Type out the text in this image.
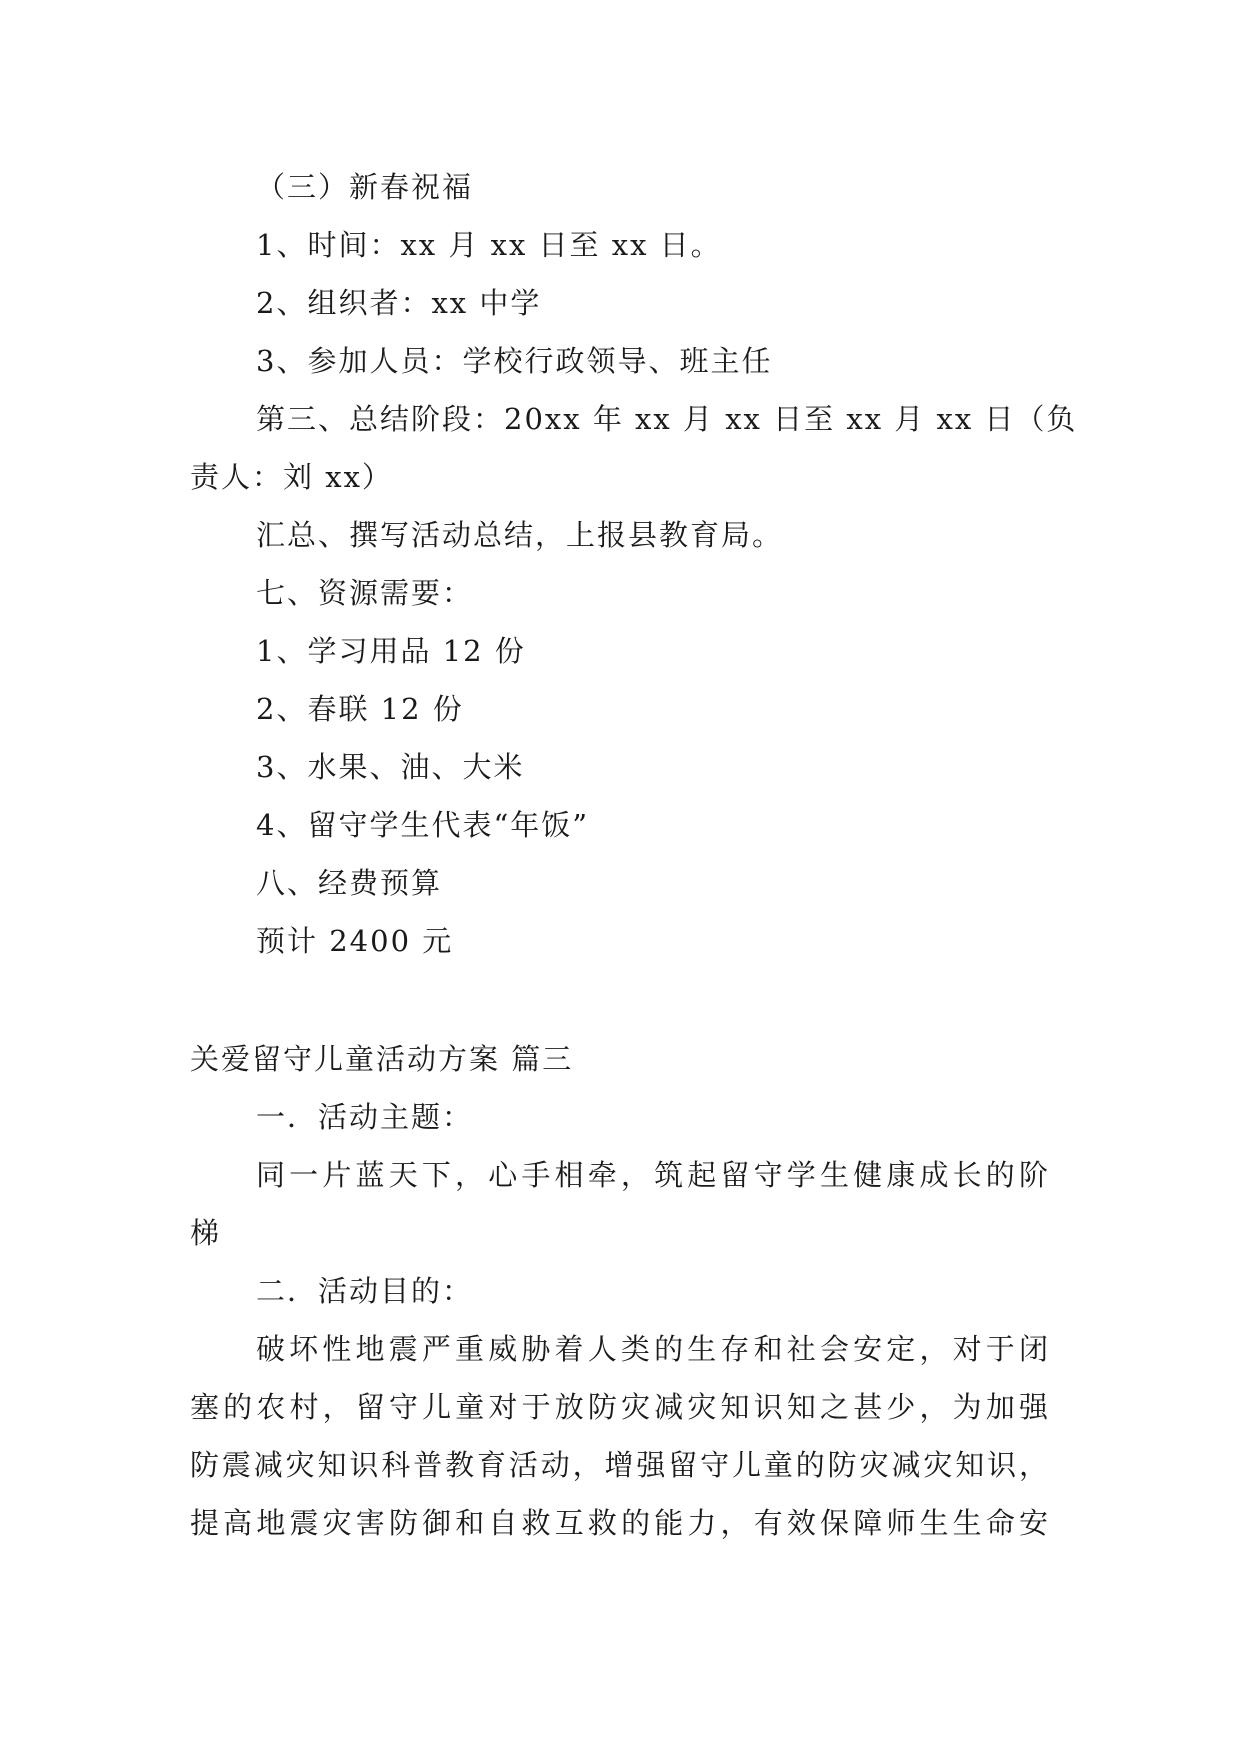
（三）新春祝福
1、时间：xx 月 xx 日至 xx 日。
2、组织者：xx 中学
3、参加人员：学校行政领导、班主任
第三、总结阶段：20xx 年 xx 月 xx 日至 xx 月 xx 日（负
责人：刘 xx）
汇总、撰写活动总结，上报县教育局。
七、资源需要：
1、学习用品 12 份
2、春联 12 份
3、水果、油、大米
4、留守学生代表“年饭”
八、经费预算
预计 2400 元
关爱留守儿童活动方案 篇三
一．活动主题：
同一片蓝天下，心手相牵，筑起留守学生健康成长的阶
梯
二．活动目的：
破坏性地震严重威胁着人类的生存和社会安定，对于闭
塞的农村，留守儿童对于放防灾减灾知识知之甚少，为加强
防震减灾知识科普教育活动，增强留守儿童的防灾减灾知识，
提高地震灾害防御和自救互救的能力，有效保障师生生命安
